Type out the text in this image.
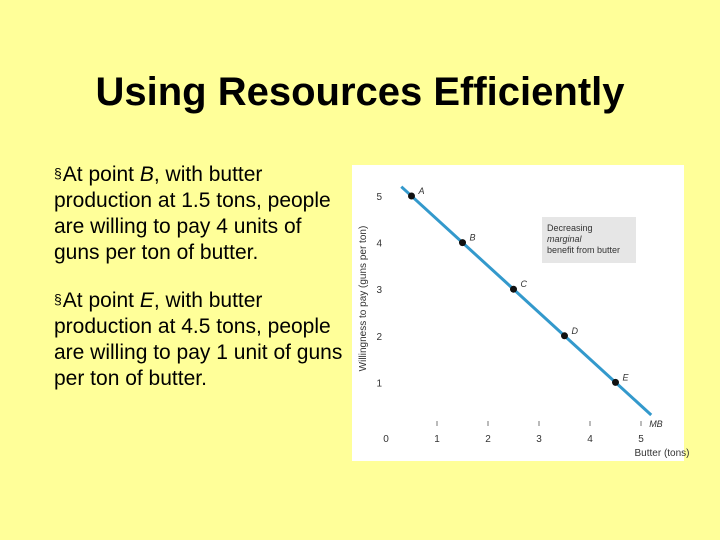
Using Resources Efficiently
§At point B, with butter production at 1.5 tons, people are willing to pay 4 units of guns per ton of butter.
§At point E, with butter production at 4.5 tons, people are willing to pay 1 unit of guns per ton of butter.	1
2
3
4
5
0	1	2	3	4	5
Butter (tons)
Willingness to pay (guns per ton)	Decreasing
marginal
benefit from butter
MB
A
B
C
D
E
